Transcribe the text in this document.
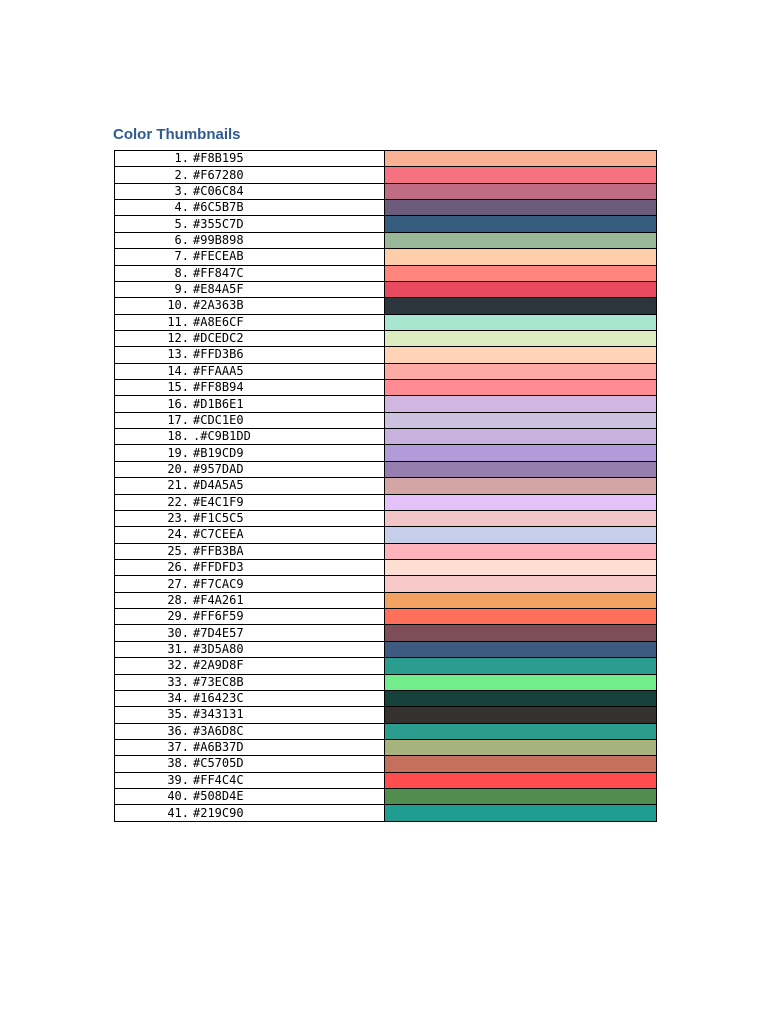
Color Thumbnails
1. #F8B195	
2. #F67280	
3. #C06C84	
4. #6C5B7B	
5. #355C7D	
6. #99B898	
7. #FECEAB	
8. #FF847C	
9. #E84A5F	
10. #2A363B	
11. #A8E6CF	
12. #DCEDC2	
13. #FFD3B6	
14. #FFAAA5	
15. #FF8B94	
16. #D1B6E1	
17. #CDC1E0	
18. .#C9B1DD	
19. #B19CD9	
20. #957DAD	
21. #D4A5A5	
22. #E4C1F9	
23. #F1C5C5	
24. #C7CEEA	
25. #FFB3BA	
26. #FFDFD3	
27. #F7CAC9	
28. #F4A261	
29. #FF6F59	
30. #7D4E57	
31. #3D5A80	
32. #2A9D8F	
33. #73EC8B	
34. #16423C	
35. #343131	
36. #3A6D8C	
37. #A6B37D	
38. #C5705D	
39. #FF4C4C	
40. #508D4E	
41. #219C90	
